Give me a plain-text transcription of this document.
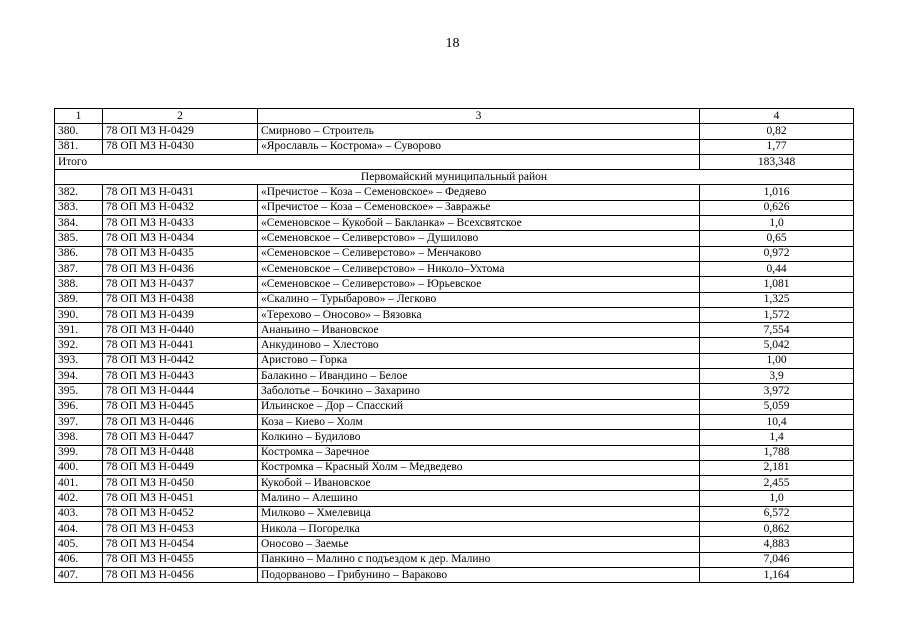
18
1	2	3	4
380.	78 ОП МЗ Н-0429	Смирново – Строитель	0,82
381.	78 ОП МЗ Н-0430	«Ярославль – Кострома» – Суворово	1,77
Итого			183,348
Первомайский муниципальный район			
382.	78 ОП МЗ Н-0431	«Пречистое – Коза – Семеновское» – Федяево	1,016
383.	78 ОП МЗ Н-0432	«Пречистое – Коза – Семеновское» – Завражье	0,626
384.	78 ОП МЗ Н-0433	«Семеновское – Кукобой – Бакланка» – Всехсвятское	1,0
385.	78 ОП МЗ Н-0434	«Семеновское – Селиверстово» – Душилово	0,65
386.	78 ОП МЗ Н-0435	«Семеновское – Селиверстово» – Менчаково	0,972
387.	78 ОП МЗ Н-0436	«Семеновское – Селиверстово» – Николо–Ухтома	0,44
388.	78 ОП МЗ Н-0437	«Семеновское – Селиверстово» – Юрьевское	1,081
389.	78 ОП МЗ Н-0438	«Скалино – Турыбарово» – Легково	1,325
390.	78 ОП МЗ Н-0439	«Терехово – Оносово» – Вязовка	1,572
391.	78 ОП МЗ Н-0440	Ананьино – Ивановское	7,554
392.	78 ОП МЗ Н-0441	Анкудиново – Хлестово	5,042
393.	78 ОП МЗ Н-0442	Аристово – Горка	1,00
394.	78 ОП МЗ Н-0443	Балакино – Ивандино – Белое	3,9
395.	78 ОП МЗ Н-0444	Заболотье – Бочкино – Захарино	3,972
396.	78 ОП МЗ Н-0445	Ильинское – Дор – Спасский	5,059
397.	78 ОП МЗ Н-0446	Коза – Киево – Холм	10,4
398.	78 ОП МЗ Н-0447	Колкино – Будилово	1,4
399.	78 ОП МЗ Н-0448	Костромка – Заречное	1,788
400.	78 ОП МЗ Н-0449	Костромка – Красный Холм – Медведево	2,181
401.	78 ОП МЗ Н-0450	Кукобой – Ивановское	2,455
402.	78 ОП МЗ Н-0451	Малино – Алешино	1,0
403.	78 ОП МЗ Н-0452	Милково – Хмелевица	6,572
404.	78 ОП МЗ Н-0453	Никола – Погорелка	0,862
405.	78 ОП МЗ Н-0454	Оносово – Заемье	4,883
406.	78 ОП МЗ Н-0455	Панкино – Малино с подъездом к дер. Малино	7,046
407.	78 ОП МЗ Н-0456	Подорваново – Грибунино – Вараково	1,164
